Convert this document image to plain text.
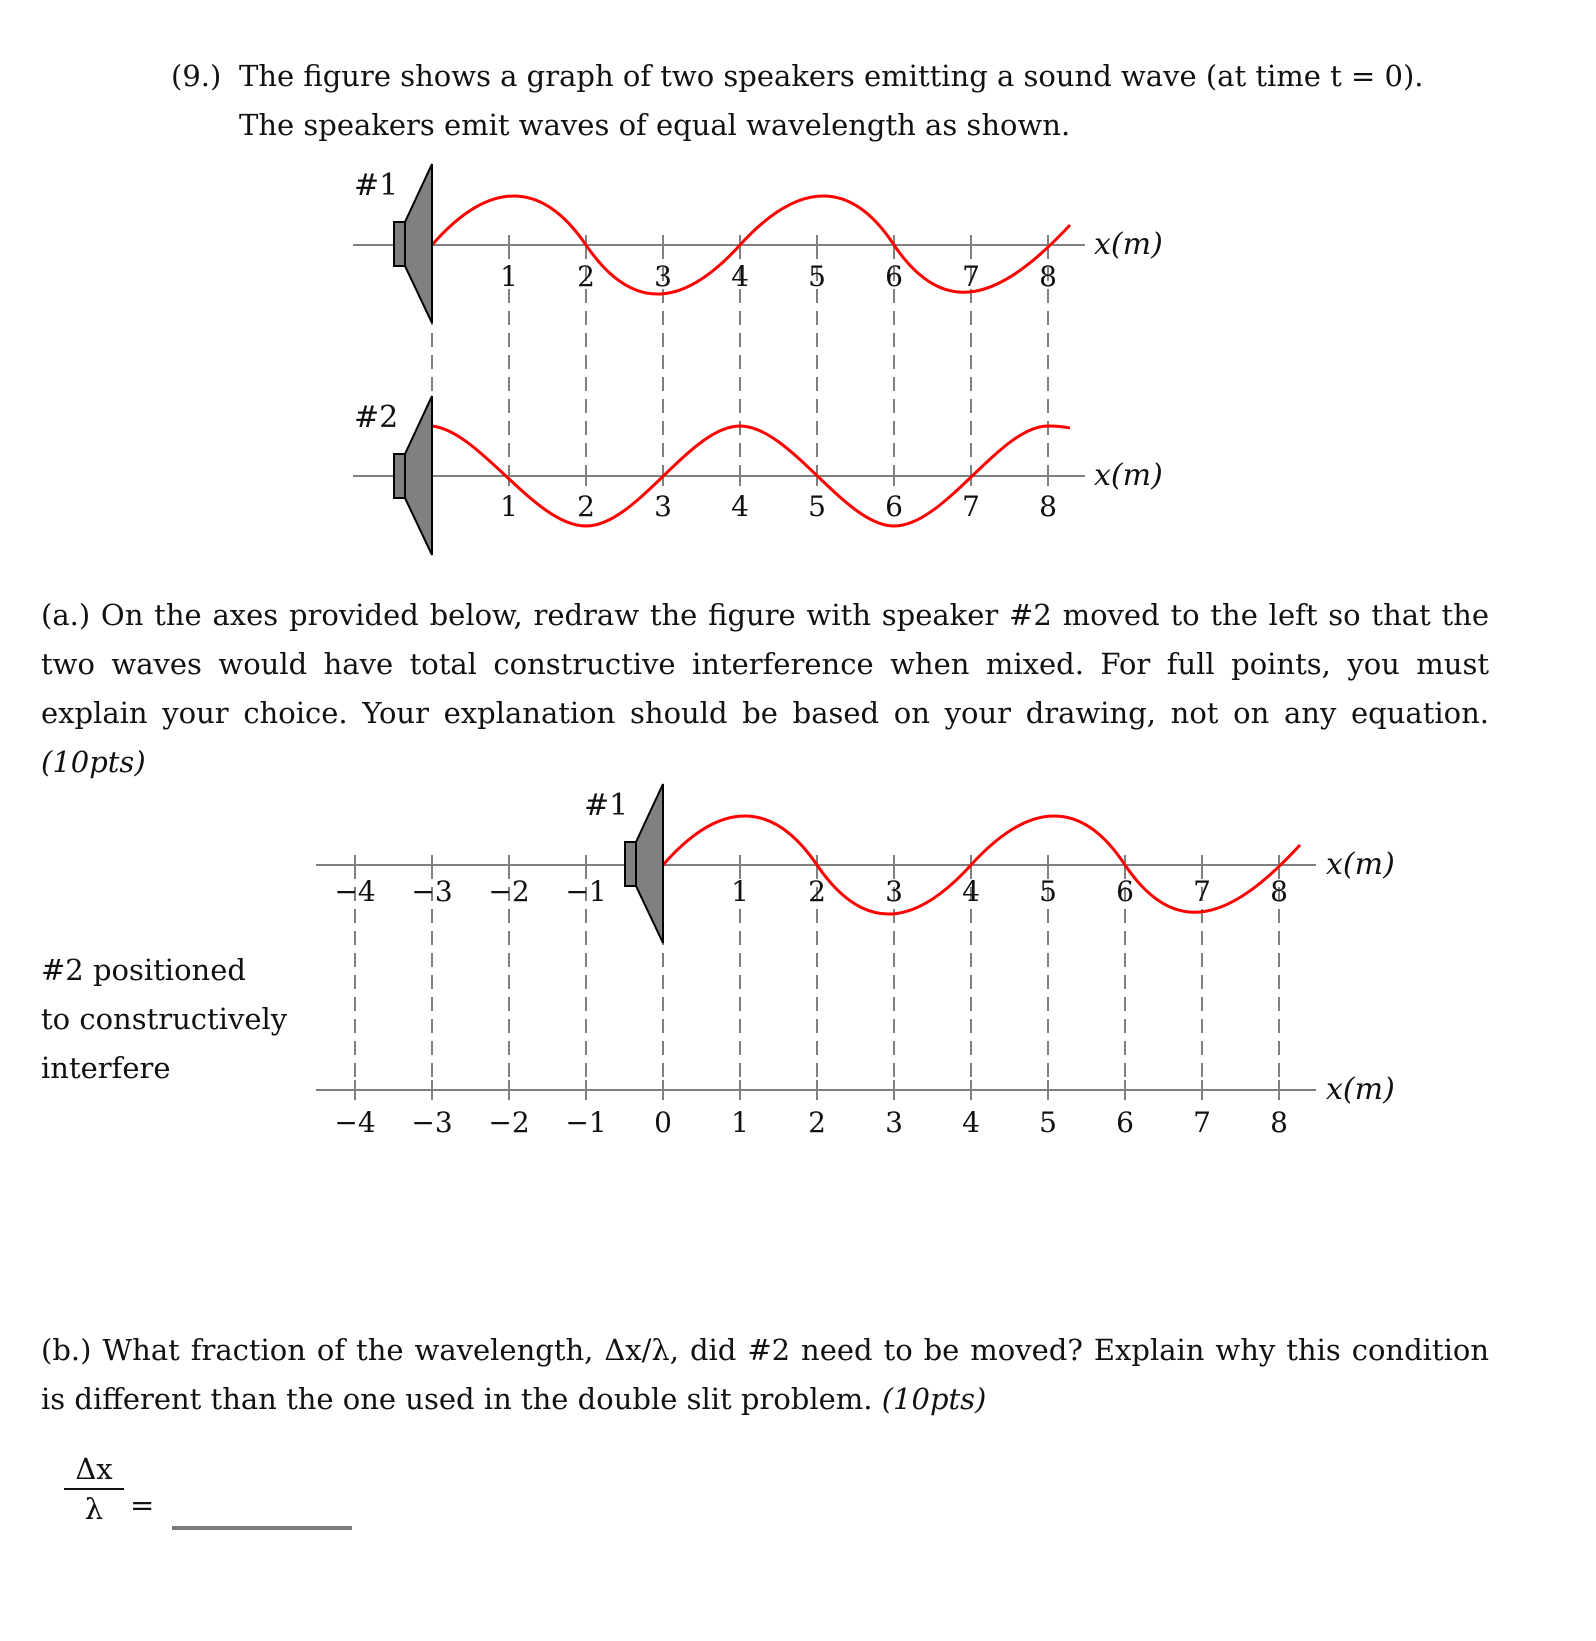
(9.) The figure shows a graph of two speakers emitting a sound wave (at time t = 0). The speakers emit waves of equal wavelength as shown.
1 2 3 4 5 6 7 8
x(m)
#1
1 2 3 4 5 6 7 8
x(m)
#2
(a.) On the axes provided below, redraw the figure with speaker #2 moved to the left so that the two waves would have total constructive interference when mixed. For full points, you must explain your choice. Your explanation should be based on your drawing, not on any equation. (10pts)
−4 −3 −2 −1	1 2 3 4 5 6 7 8
x(m)
#1
−4 −3 −2 −1 0 1 2 3 4 5 6 7 8
x(m)
#2 positioned
to constructively
interfere
(b.) What fraction of the wavelength, Δx/λ, did #2 need to be moved? Explain why this condition is different than the one used in the double slit problem. (10pts)
Δx
λ =
